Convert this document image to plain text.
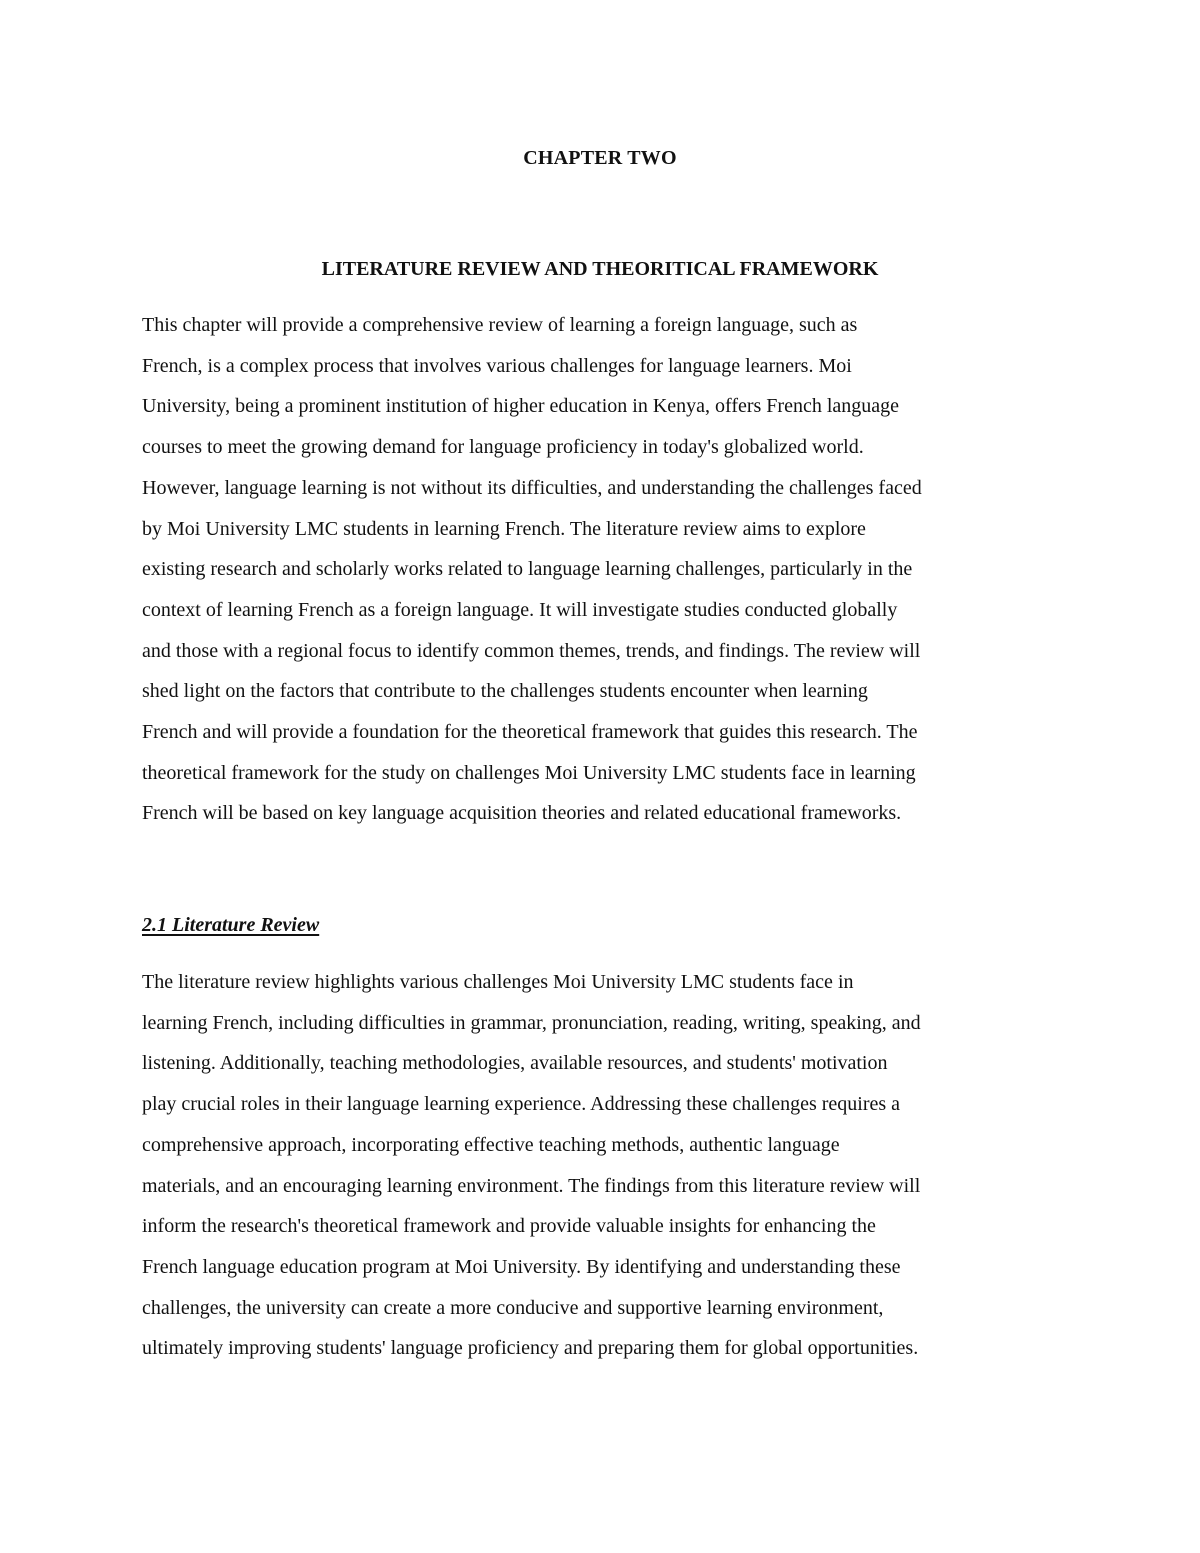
CHAPTER TWO
LITERATURE REVIEW AND THEORITICAL FRAMEWORK

This chapter will provide a comprehensive review of learning a foreign language, such as
French, is a complex process that involves various challenges for language learners. Moi
University, being a prominent institution of higher education in Kenya, offers French language
courses to meet the growing demand for language proficiency in today's globalized world.
However, language learning is not without its difficulties, and understanding the challenges faced
by Moi University LMC students in learning French. The literature review aims to explore
existing research and scholarly works related to language learning challenges, particularly in the
context of learning French as a foreign language. It will investigate studies conducted globally
and those with a regional focus to identify common themes, trends, and findings. The review will
shed light on the factors that contribute to the challenges students encounter when learning
French and will provide a foundation for the theoretical framework that guides this research. The
theoretical framework for the study on challenges Moi University LMC students face in learning
French will be based on key language acquisition theories and related educational frameworks.

2.1 Literature Review

The literature review highlights various challenges Moi University LMC students face in
learning French, including difficulties in grammar, pronunciation, reading, writing, speaking, and
listening. Additionally, teaching methodologies, available resources, and students' motivation
play crucial roles in their language learning experience. Addressing these challenges requires a
comprehensive approach, incorporating effective teaching methods, authentic language
materials, and an encouraging learning environment. The findings from this literature review will
inform the research's theoretical framework and provide valuable insights for enhancing the
French language education program at Moi University. By identifying and understanding these
challenges, the university can create a more conducive and supportive learning environment,
ultimately improving students' language proficiency and preparing them for global opportunities.
